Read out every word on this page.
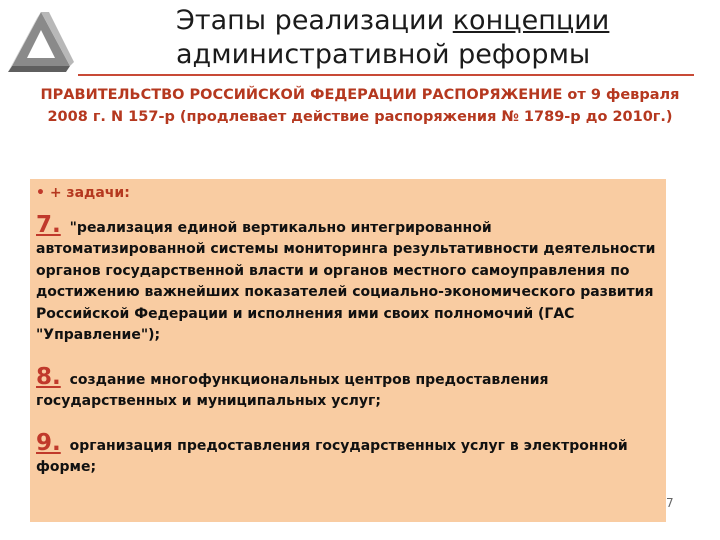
Этапы реализации концепции
административной реформы
ПРАВИТЕЛЬСТВО РОССИЙСКОЙ ФЕДЕРАЦИИ РАСПОРЯЖЕНИЕ от 9 февраля 2008 г. N 157-р (продлевает действие распоряжения № 1789-р до 2010г.)
• + задачи:
7. "реализация единой вертикально интегрированной автоматизированной системы мониторинга результативности деятельности органов государственной власти и органов местного самоуправления по достижению важнейших показателей социально-экономического развития Российской Федерации и исполнения ими своих полномочий (ГАС "Управление");
8. создание многофункциональных центров предоставления государственных и муниципальных услуг;
9. организация предоставления государственных услуг в электронной форме;
7
